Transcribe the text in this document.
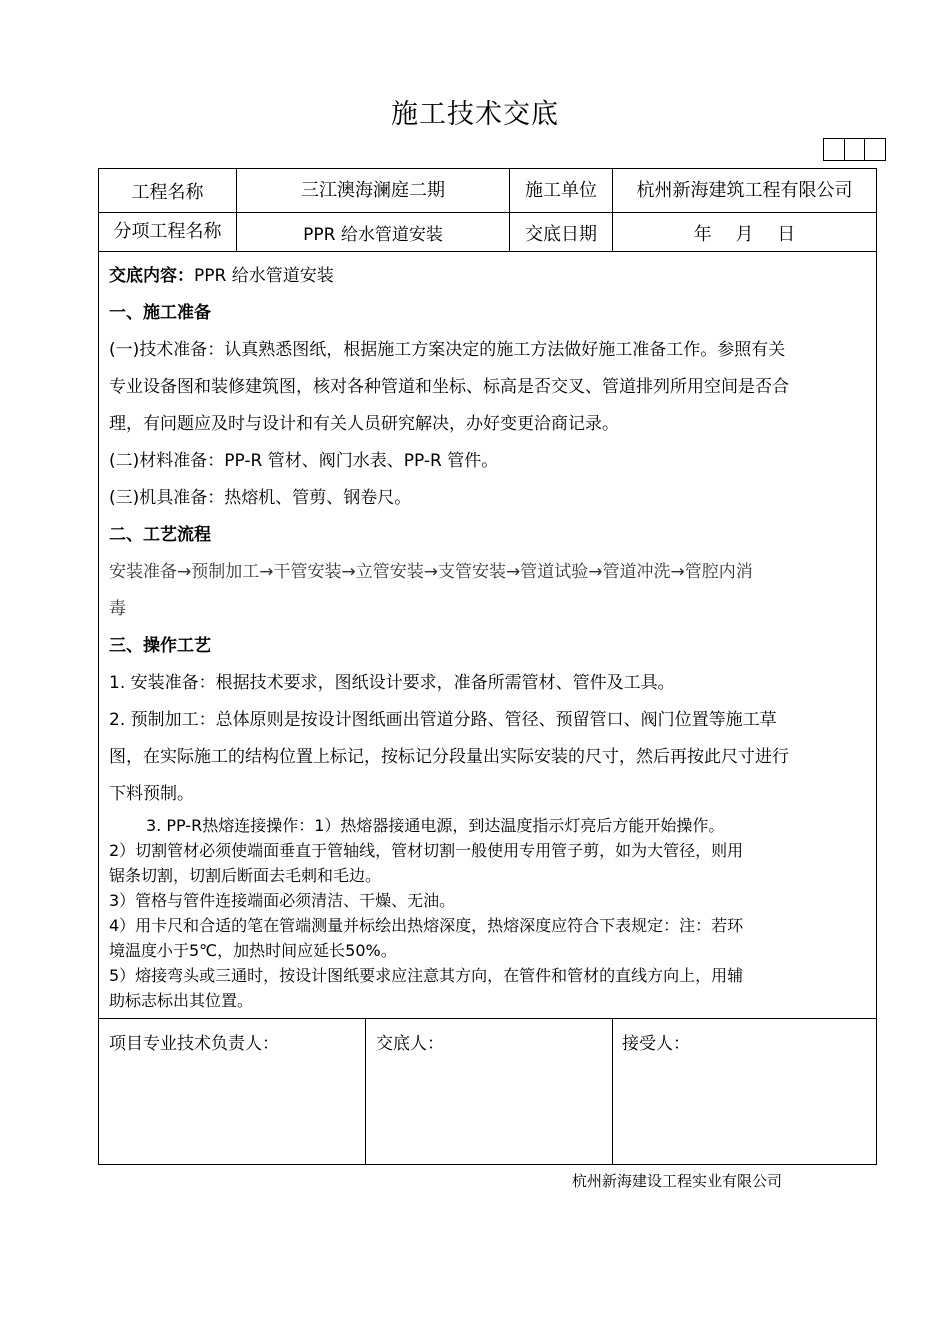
施工技术交底
工程名称	三江澳海澜庭二期	施工单位	杭州新海建筑工程有限公司
分项工程名称	PPR 给水管道安装	交底日期	年　 月　 日
交底内容：PPR 给水管道安装
一、施工准备
(一)技术准备：认真熟悉图纸，根据施工方案决定的施工方法做好施工准备工作。参照有关
专业设备图和装修建筑图，核对各种管道和坐标、标高是否交叉、管道排列所用空间是否合
理，有问题应及时与设计和有关人员研究解决，办好变更洽商记录。
(二)材料准备：PP-R 管材、阀门水表、PP-R 管件。
(三)机具准备：热熔机、管剪、钢卷尺。
二、工艺流程
安装准备→预制加工→干管安装→立管安装→支管安装→管道试验→管道冲洗→管腔内消
毒
三、操作工艺
1. 安装准备：根据技术要求，图纸设计要求，准备所需管材、管件及工具。
2. 预制加工：总体原则是按设计图纸画出管道分路、管径、预留管口、阀门位置等施工草
图，在实际施工的结构位置上标记，按标记分段量出实际安装的尺寸，然后再按此尺寸进行
下料预制。
3. PP-R热熔连接操作：1）热熔器接通电源，到达温度指示灯亮后方能开始操作。
2）切割管材必须使端面垂直于管轴线，管材切割一般使用专用管子剪，如为大管径，则用
锯条切割，切割后断面去毛刺和毛边。
3）管格与管件连接端面必须清洁、干燥、无油。
4）用卡尺和合适的笔在管端测量并标绘出热熔深度，热熔深度应符合下表规定：注：若环
境温度小于5℃，加热时间应延长50%。
5）熔接弯头或三通时，按设计图纸要求应注意其方向，在管件和管材的直线方向上，用辅
助标志标出其位置。
项目专业技术负责人：	交底人：	接受人：
杭州新海建设工程实业有限公司
